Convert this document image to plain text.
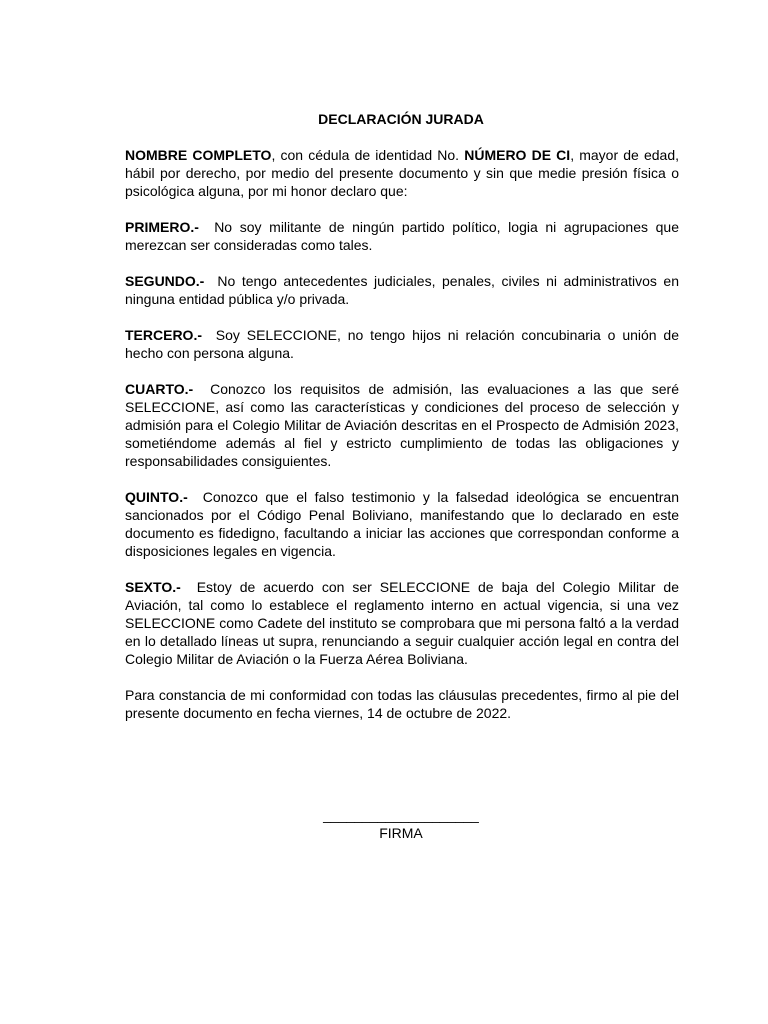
DECLARACIÓN JURADA

NOMBRE COMPLETO, con cédula de identidad No. NÚMERO DE CI, mayor de edad, hábil por derecho, por medio del presente documento y sin que medie presión física o psicológica alguna, por mi honor declaro que:

PRIMERO.- No soy militante de ningún partido político, logia ni agrupaciones que merezcan ser consideradas como tales.

SEGUNDO.- No tengo antecedentes judiciales, penales, civiles ni administrativos en ninguna entidad pública y/o privada.

TERCERO.- Soy SELECCIONE, no tengo hijos ni relación concubinaria o unión de hecho con persona alguna.

CUARTO.- Conozco los requisitos de admisión, las evaluaciones a las que seré SELECCIONE, así como las características y condiciones del proceso de selección y admisión para el Colegio Militar de Aviación descritas en el Prospecto de Admisión 2023, sometiéndome además al fiel y estricto cumplimiento de todas las obligaciones y responsabilidades consiguientes.

QUINTO.- Conozco que el falso testimonio y la falsedad ideológica se encuentran sancionados por el Código Penal Boliviano, manifestando que lo declarado en este documento es fidedigno, facultando a iniciar las acciones que correspondan conforme a disposiciones legales en vigencia.

SEXTO.- Estoy de acuerdo con ser SELECCIONE de baja del Colegio Militar de Aviación, tal como lo establece el reglamento interno en actual vigencia, si una vez SELECCIONE como Cadete del instituto se comprobara que mi persona faltó a la verdad en lo detallado líneas ut supra, renunciando a seguir cualquier acción legal en contra del Colegio Militar de Aviación o la Fuerza Aérea Boliviana.

Para constancia de mi conformidad con todas las cláusulas precedentes, firmo al pie del presente documento en fecha viernes, 14 de octubre de 2022.

____________________
FIRMA
